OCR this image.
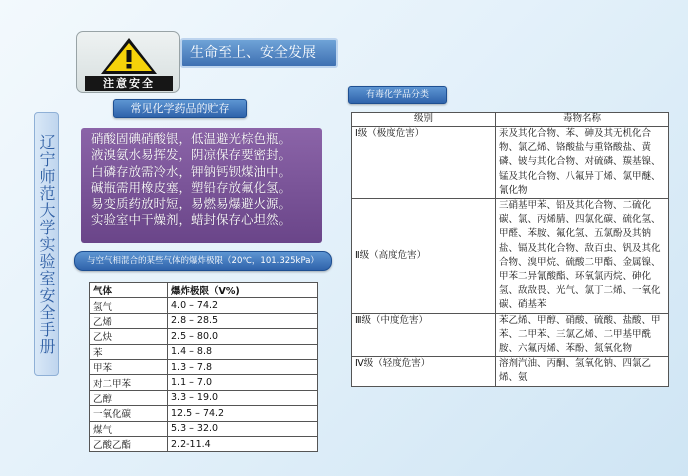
注意安全
生命至上、安全发展
辽宁师范大学实验室安全手册
常见化学药品的贮存
硝酸固碘硝酸银，低温避光棕色瓶。
液溴氨水易挥发，阴凉保存要密封。
白磷存放需冷水，钾钠钙钡煤油中。
碱瓶需用橡皮塞，塑铅存放氟化氢。
易变质药放时短，易燃易爆避火源。
实验室中干燥剂，蜡封保存心坦然。
与空气相混合的某些气体的爆炸极限（20℃，101.325kPa）
气体	爆炸极限（V%)
氢气	4.0 – 74.2
乙烯	2.8 – 28.5
乙炔	2.5 – 80.0
苯	1.4 – 8.8
甲苯	1.3 – 7.8
对二甲苯	1.1 – 7.0
乙醇	3.3 – 19.0
一氧化碳	12.5 – 74.2
煤气	5.3 – 32.0
乙酸乙酯	2.2-11.4
有毒化学品分类
级别	毒物名称
Ⅰ级（极度危害）	汞及其化合物、苯、砷及其无机化合物、氯乙烯、铬酸盐与重铬酸盐、黄磷、铍与其化合物、对硫磷、羰基镍、锰及其化合物、八氟异丁烯、氯甲醚、氰化物
Ⅱ级（高度危害）	三硝基甲苯、铅及其化合物、二硫化碳、氯、丙烯腈、四氯化碳、硫化氢、甲醛、苯胺、氟化氢、五氯酚及其钠盐、镉及其化合物、敌百虫、钒及其化合物、溴甲烷、硫酸二甲酯、金属镍、甲苯二异氰酸酯、环氧氯丙烷、砷化氢、敌敌畏、光气、氯丁二烯、一氧化碳、硝基苯
Ⅲ级（中度危害）	苯乙烯、甲醇、硝酸、硫酸、盐酸、甲苯、二甲苯、三氯乙烯、二甲基甲酰胺、六氟丙烯、苯酚、氮氧化物
Ⅳ级（轻度危害）	溶剂汽油、丙酮、氢氧化钠、四氯乙烯、氨
